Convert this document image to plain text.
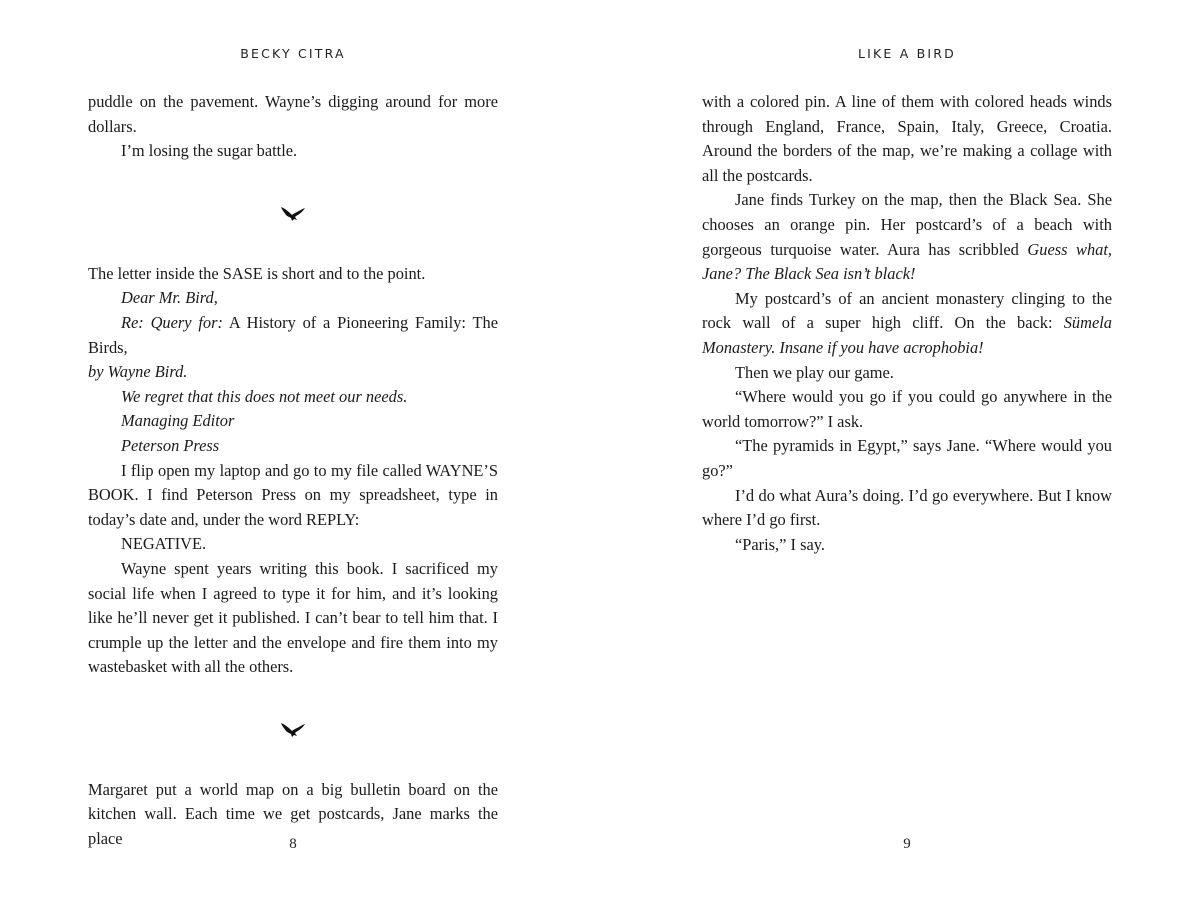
BECKY CITRA

puddle on the pavement. Wayne’s digging around for more dollars.

I’m losing the sugar battle.

The letter inside the SASE is short and to the point.

Dear Mr. Bird,

Re: Query for: A History of a Pioneering Family: The Birds,

by Wayne Bird.

We regret that this does not meet our needs.

Managing Editor

Peterson Press

I flip open my laptop and go to my file called WAYNE’S BOOK. I find Peterson Press on my spreadsheet, type in today’s date and, under the word REPLY:

NEGATIVE.

Wayne spent years writing this book. I sacrificed my social life when I agreed to type it for him, and it’s looking like he’ll never get it published. I can’t bear to tell him that. I crumple up the letter and the envelope and fire them into my wastebasket with all the others.

Margaret put a world map on a big bulletin board on the kitchen wall. Each time we get postcards, Jane marks the place	8
LIKE A BIRD

with a colored pin. A line of them with colored heads winds through England, France, Spain, Italy, Greece, Croatia. Around the borders of the map, we’re making a collage with all the postcards.

Jane finds Turkey on the map, then the Black Sea. She chooses an orange pin. Her postcard’s of a beach with gorgeous turquoise water. Aura has scribbled Guess what, Jane? The Black Sea isn’t black!

My postcard’s of an ancient monastery clinging to the rock wall of a super high cliff. On the back: Sümela Monastery. Insane if you have acrophobia!

Then we play our game.

“Where would you go if you could go anywhere in the world tomorrow?” I ask.

“The pyramids in Egypt,” says Jane. “Where would you go?”

I’d do what Aura’s doing. I’d go everywhere. But I know where I’d go first.

“Paris,” I say.

9
